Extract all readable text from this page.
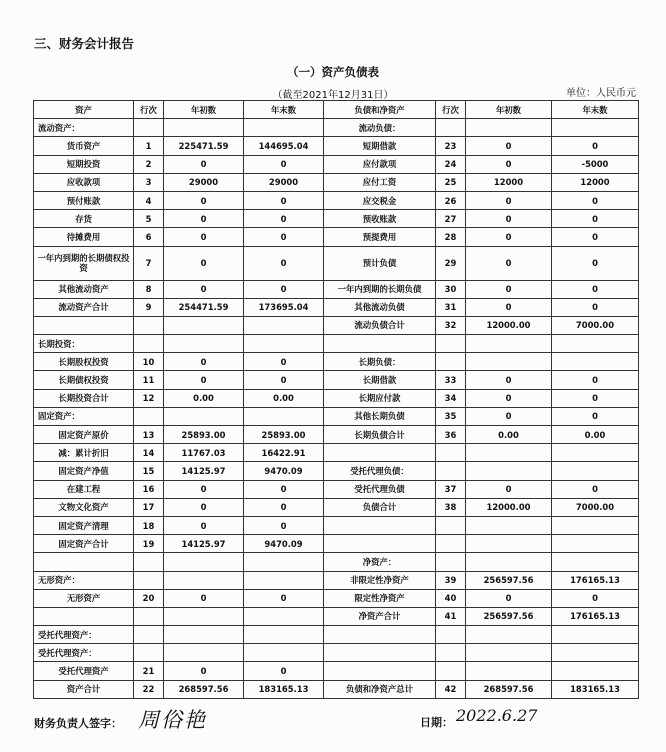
三、财务会计报告
（一）资产负债表
（截至2021年12月31日）	单位：人民币元
资产	行次	年初数	年末数	负债和净资产	行次	年初数	年末数
流动资产：				流动负债：			
货币资产	1	225471.59	144695.04	短期借款	23	0	0
短期投资	2	0	0	应付款项	24	0	-5000
应收款项	3	29000	29000	应付工资	25	12000	12000
预付账款	4	0	0	应交税金	26	0	0
存货	5	0	0	预收账款	27	0	0
待摊费用	6	0	0	预提费用	28	0	0
一年内到期的长期债权投资	7	0	0	预计负债	29	0	0
其他流动资产	8	0	0	一年内到期的长期负债	30	0	0
流动资产合计	9	254471.59	173695.04	其他流动负债	31	0	0
				流动负债合计	32	12000.00	7000.00
长期投资：							
长期股权投资	10	0	0	长期负债：			
长期债权投资	11	0	0	长期借款	33	0	0
长期投资合计	12	0.00	0.00	长期应付款	34	0	0
固定资产：				其他长期负债	35	0	0
固定资产原价	13	25893.00	25893.00	长期负债合计	36	0.00	0.00
减：累计折旧	14	11767.03	16422.91				
固定资产净值	15	14125.97	9470.09	受托代理负债：			
在建工程	16	0	0	受托代理负债	37	0	0
文物文化资产	17	0	0	负债合计	38	12000.00	7000.00
固定资产清理	18	0	0				
固定资产合计	19	14125.97	9470.09				
				净资产：			
无形资产：				非限定性净资产	39	256597.56	176165.13
无形资产	20	0	0	限定性净资产	40	0	0
				净资产合计	41	256597.56	176165.13
受托代理资产：							
受托代理资产：							
受托代理资产	21	0	0				
资产合计	22	268597.56	183165.13	负债和净资产总计	42	268597.56	183165.13
财务负责人签字： 周俗艳	日期： 2022.6.27
